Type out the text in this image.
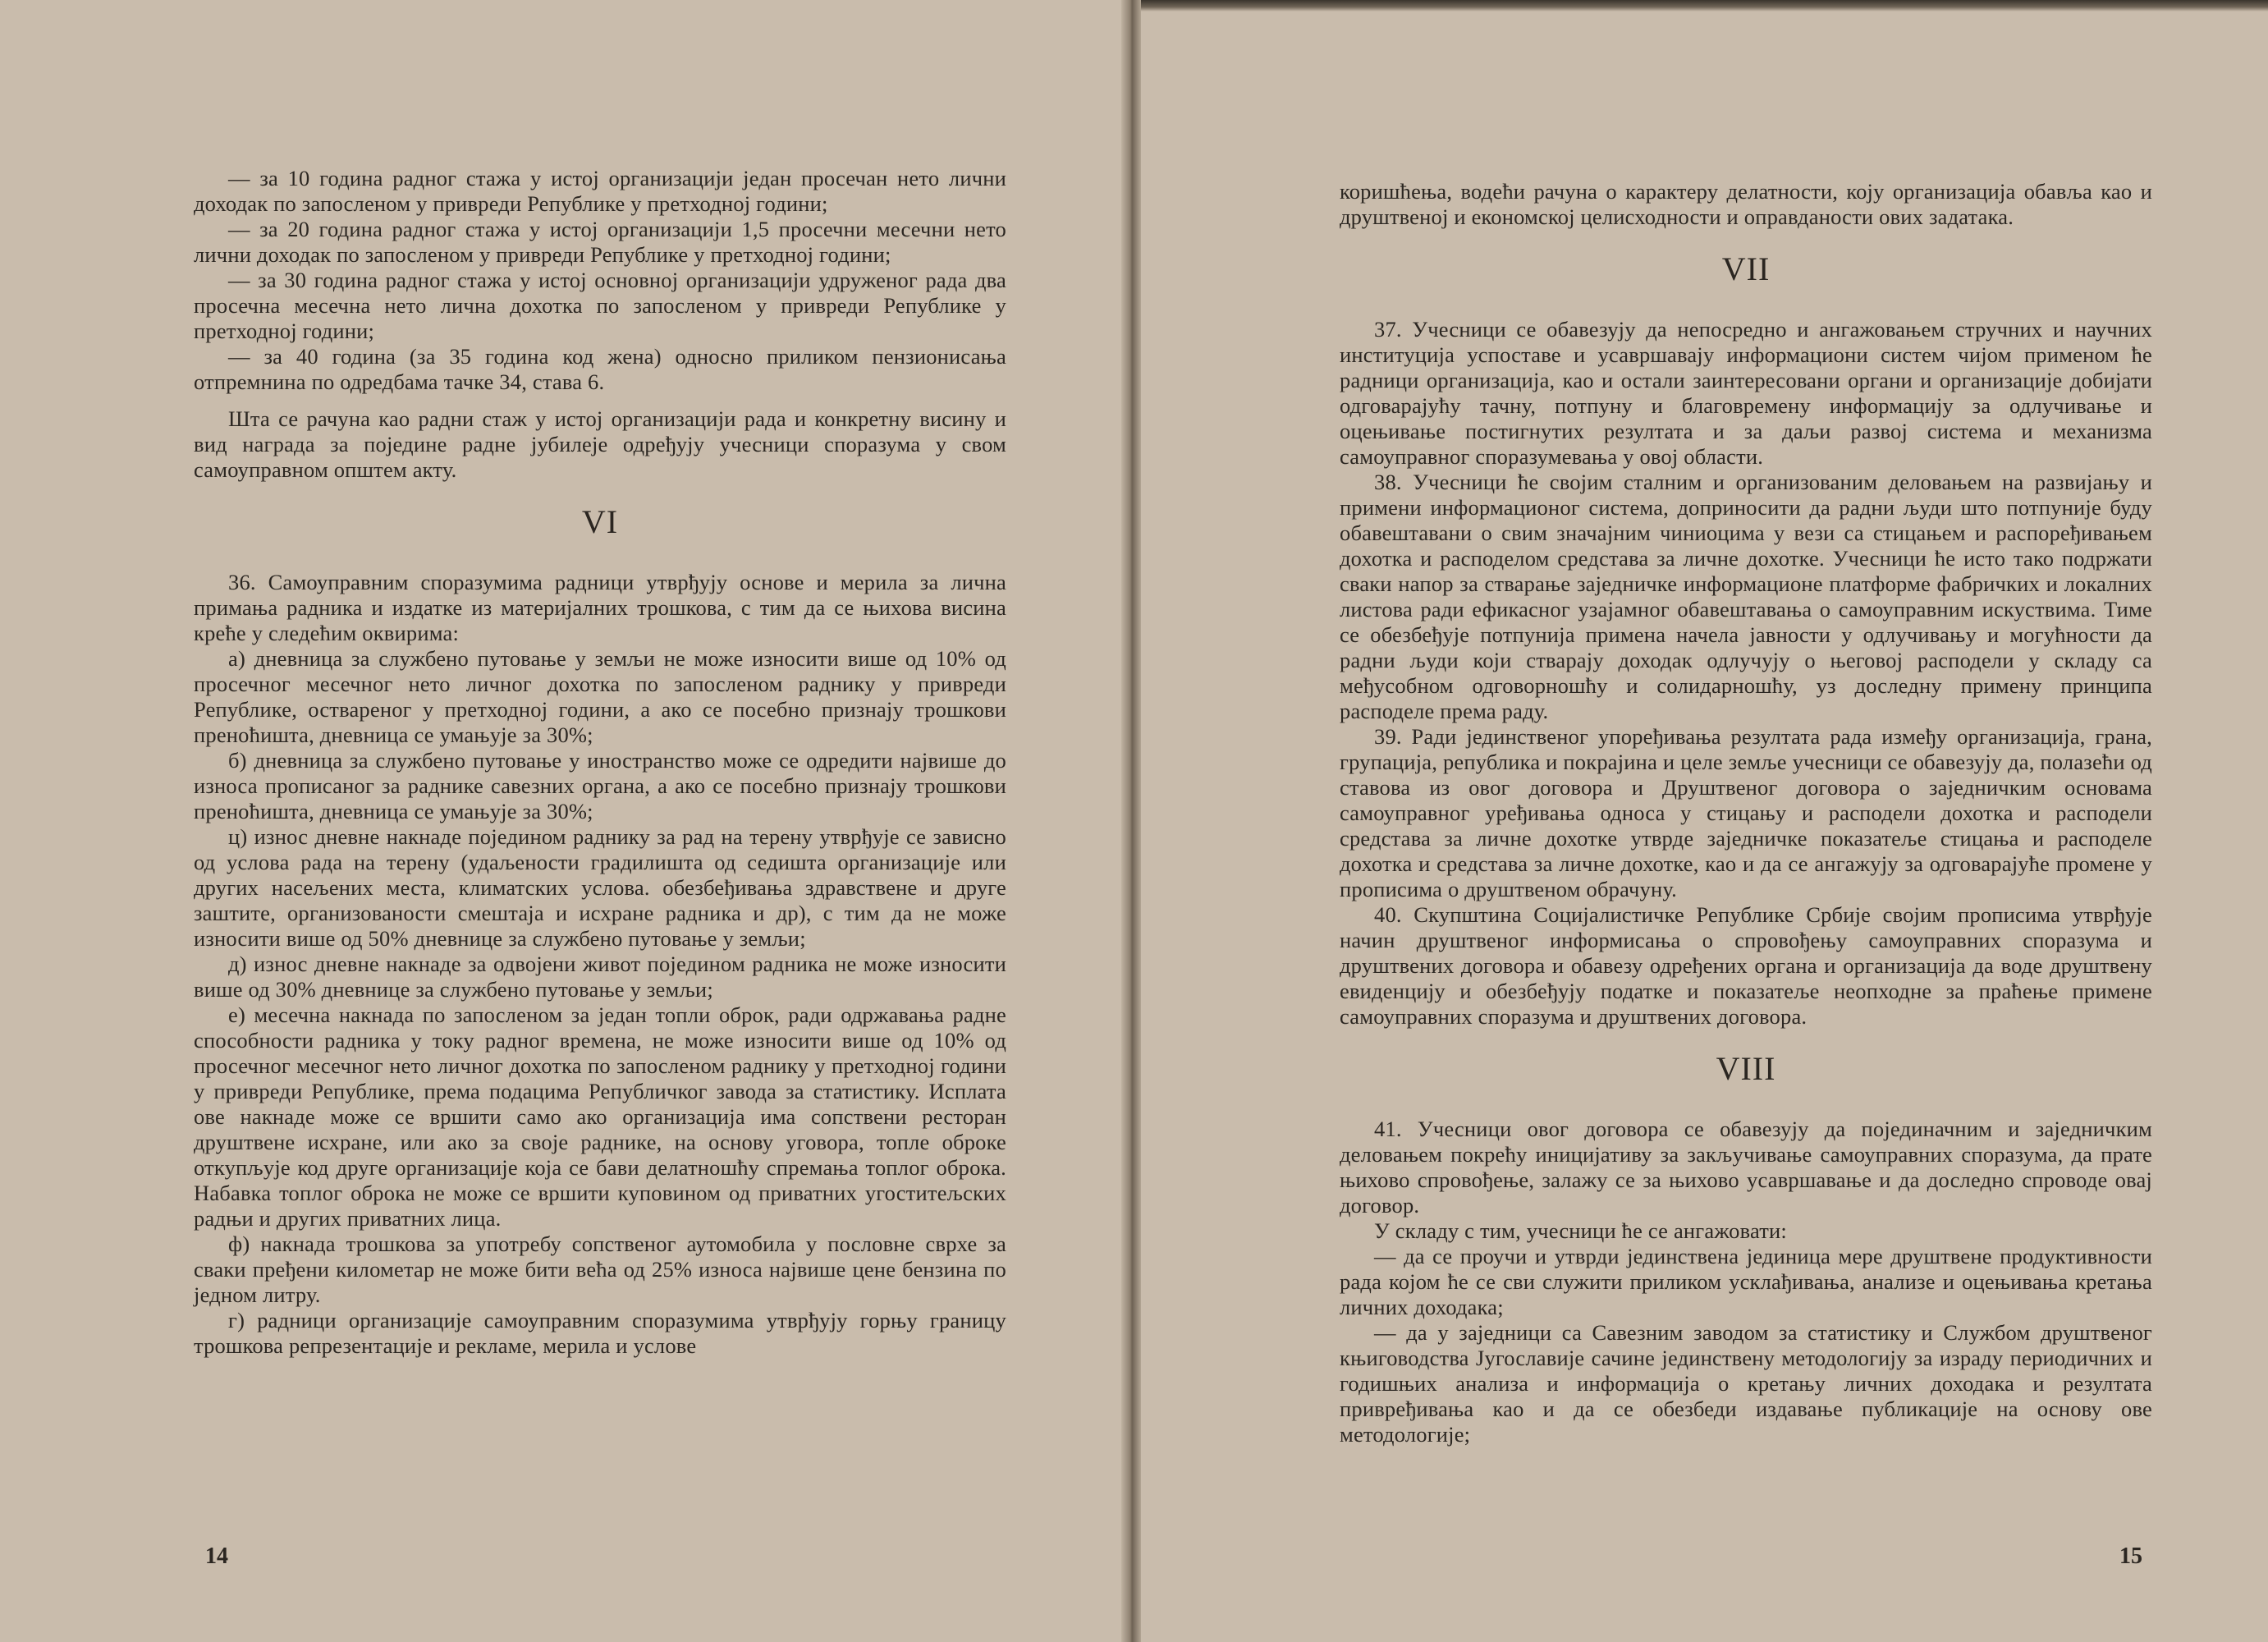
— за 10 година радног стажа у истој организацији један просечан нето лични доходак по запосленом у привреди Републике у претходној години;

— за 20 година радног стажа у истој организацији 1,5 просечни месечни нето лични доходак по запосленом у привреди Републике у претходној години;

— за 30 година радног стажа у истој основној организацији удруженог рада два просечна месечна нето лична дохотка по запосленом у привреди Републике у претходној години;

— за 40 година (за 35 година код жена) односно приликом пензионисања отпремнина по одредбама тачке 34, става 6.

Шта се рачуна као радни стаж у истој организацији рада и конкретну висину и вид награда за поједине радне јубилеје одређују учесници споразума у свом самоуправном општем акту.

VI

36. Самоуправним споразумима радници утврђују основе и мерила за лична примања радника и издатке из материјалних трошкова, с тим да се њихова висина креће у следећим оквирима:

а) дневница за службено путовање у земљи не може износити више од 10% од просечног месечног нето личног дохотка по запосленом раднику у привреди Републике, оствареног у претходној години, а ако се посебно признају трошкови преноћишта, дневница се умањује за 30%;

б) дневница за службено путовање у иностранство може се одредити највише до износа прописаног за раднике савезних органа, а ако се посебно признају трошкови преноћишта, дневница се умањује за 30%;

ц) износ дневне накнаде поједином раднику за рад на терену утврђује се зависно од услова рада на терену (удаљености градилишта од седишта организације или других насељених места, климатских услова. обезбеђивања здравствене и друге заштите, организованости смештаја и исхране радника и др), с тим да не може износити више од 50% дневнице за службено путовање у земљи;

д) износ дневне накнаде за одвојени живот поједином радника не може износити више од 30% дневнице за службено путовање у земљи;

е) месечна накнада по запосленом за један топли оброк, ради одржавања радне способности радника у току радног времена, не може износити више од 10% од просечног месечног нето личног дохотка по запосленом раднику у претходној години у привреди Републике, према подацима Републичког завода за статистику. Исплата ове накнаде може се вршити само ако организација има сопствени ресторан друштвене исхране, или ако за своје раднике, на основу уговора, топле оброке откупљује код друге организације која се бави делатношћу спремања топлог оброка. Набавка топлог оброка не може се вршити куповином од приватних угоститељских радњи и других приватних лица.

ф) накнада трошкова за употребу сопственог аутомобила у пословне сврхе за сваки пређени километар не може бити већа од 25% износа највише цене бензина по једном литру.

г) радници организације самоуправним споразумима утврђују горњу границу трошкова репрезентације и рекламе, мерила и услове

14

коришћења, водећи рачуна о карактеру делатности, коју организација обавља као и друштвеној и економској целисходности и оправданости ових задатака.

VII

37. Учесници се обавезују да непосредно и ангажовањем стручних и научних институција успоставе и усавршавају информациони систем чијом применом ће радници организација, као и остали заинтересовани органи и организације добијати одговарајућу тачну, потпуну и благовремену информацију за одлучивање и оцењивање постигнутих резултата и за даљи развој система и механизма самоуправног споразумевања у овој области.

38. Учесници ће својим сталним и организованим деловањем на развијању и примени информационог система, доприносити да радни људи што потпуније буду обавештавани о свим значајним чиниоцима у вези са стицањем и распоређивањем дохотка и расподелом средстава за личне дохотке. Учесници ће исто тако подржати сваки напор за стварање заједничке информационе платформе фабричких и локалних листова ради ефикасног узајамног обавештавања о самоуправним искуствима. Тиме се обезбеђује потпунија примена начела јавности у одлучивању и могућности да радни људи који стварају доходак одлучују о његовој расподели у складу са међусобном одговорношћу и солидарношћу, уз доследну примену принципа расподеле према раду.

39. Ради јединственог упоређивања резултата рада између организација, грана, групација, република и покрајина и целе земље учесници се обавезују да, полазећи од ставова из овог договора и Друштвеног договора о заједничким основама самоуправног уређивања односа у стицању и расподели дохотка и расподели средстава за личне дохотке утврде заједничке показатеље стицања и расподеле дохотка и средстава за личне дохотке, као и да се ангажују за одговарајуће промене у прописима о друштвеном обрачуну.

40. Скупштина Социјалистичке Републике Србије својим прописима утврђује начин друштвеног информисања о спровођењу самоуправних споразума и друштвених договора и обавезу одређених органа и организација да воде друштвену евиденцију и обезбеђују податке и показатеље неопходне за праћење примене самоуправних споразума и друштвених договора.

VIII

41. Учесници овог договора се обавезују да појединачним и заједничким деловањем покрећу иницијативу за закључивање самоуправних споразума, да прате њихово спровођење, залажу се за њихово усавршавање и да доследно спроводе овај договор.

У складу с тим, учесници ће се ангажовати:

— да се проучи и утврди јединствена јединица мере друштвене продуктивности рада којом ће се сви служити приликом усклађивања, анализе и оцењивања кретања личних доходака;

— да у заједници са Савезним заводом за статистику и Службом друштвеног књиговодства Југославије сачине јединствену методологију за израду периодичних и годишњих анализа и информација о кретању личних доходака и резултата привређивања као и да се обезбеди издавање публикације на основу ове методологије;

15
